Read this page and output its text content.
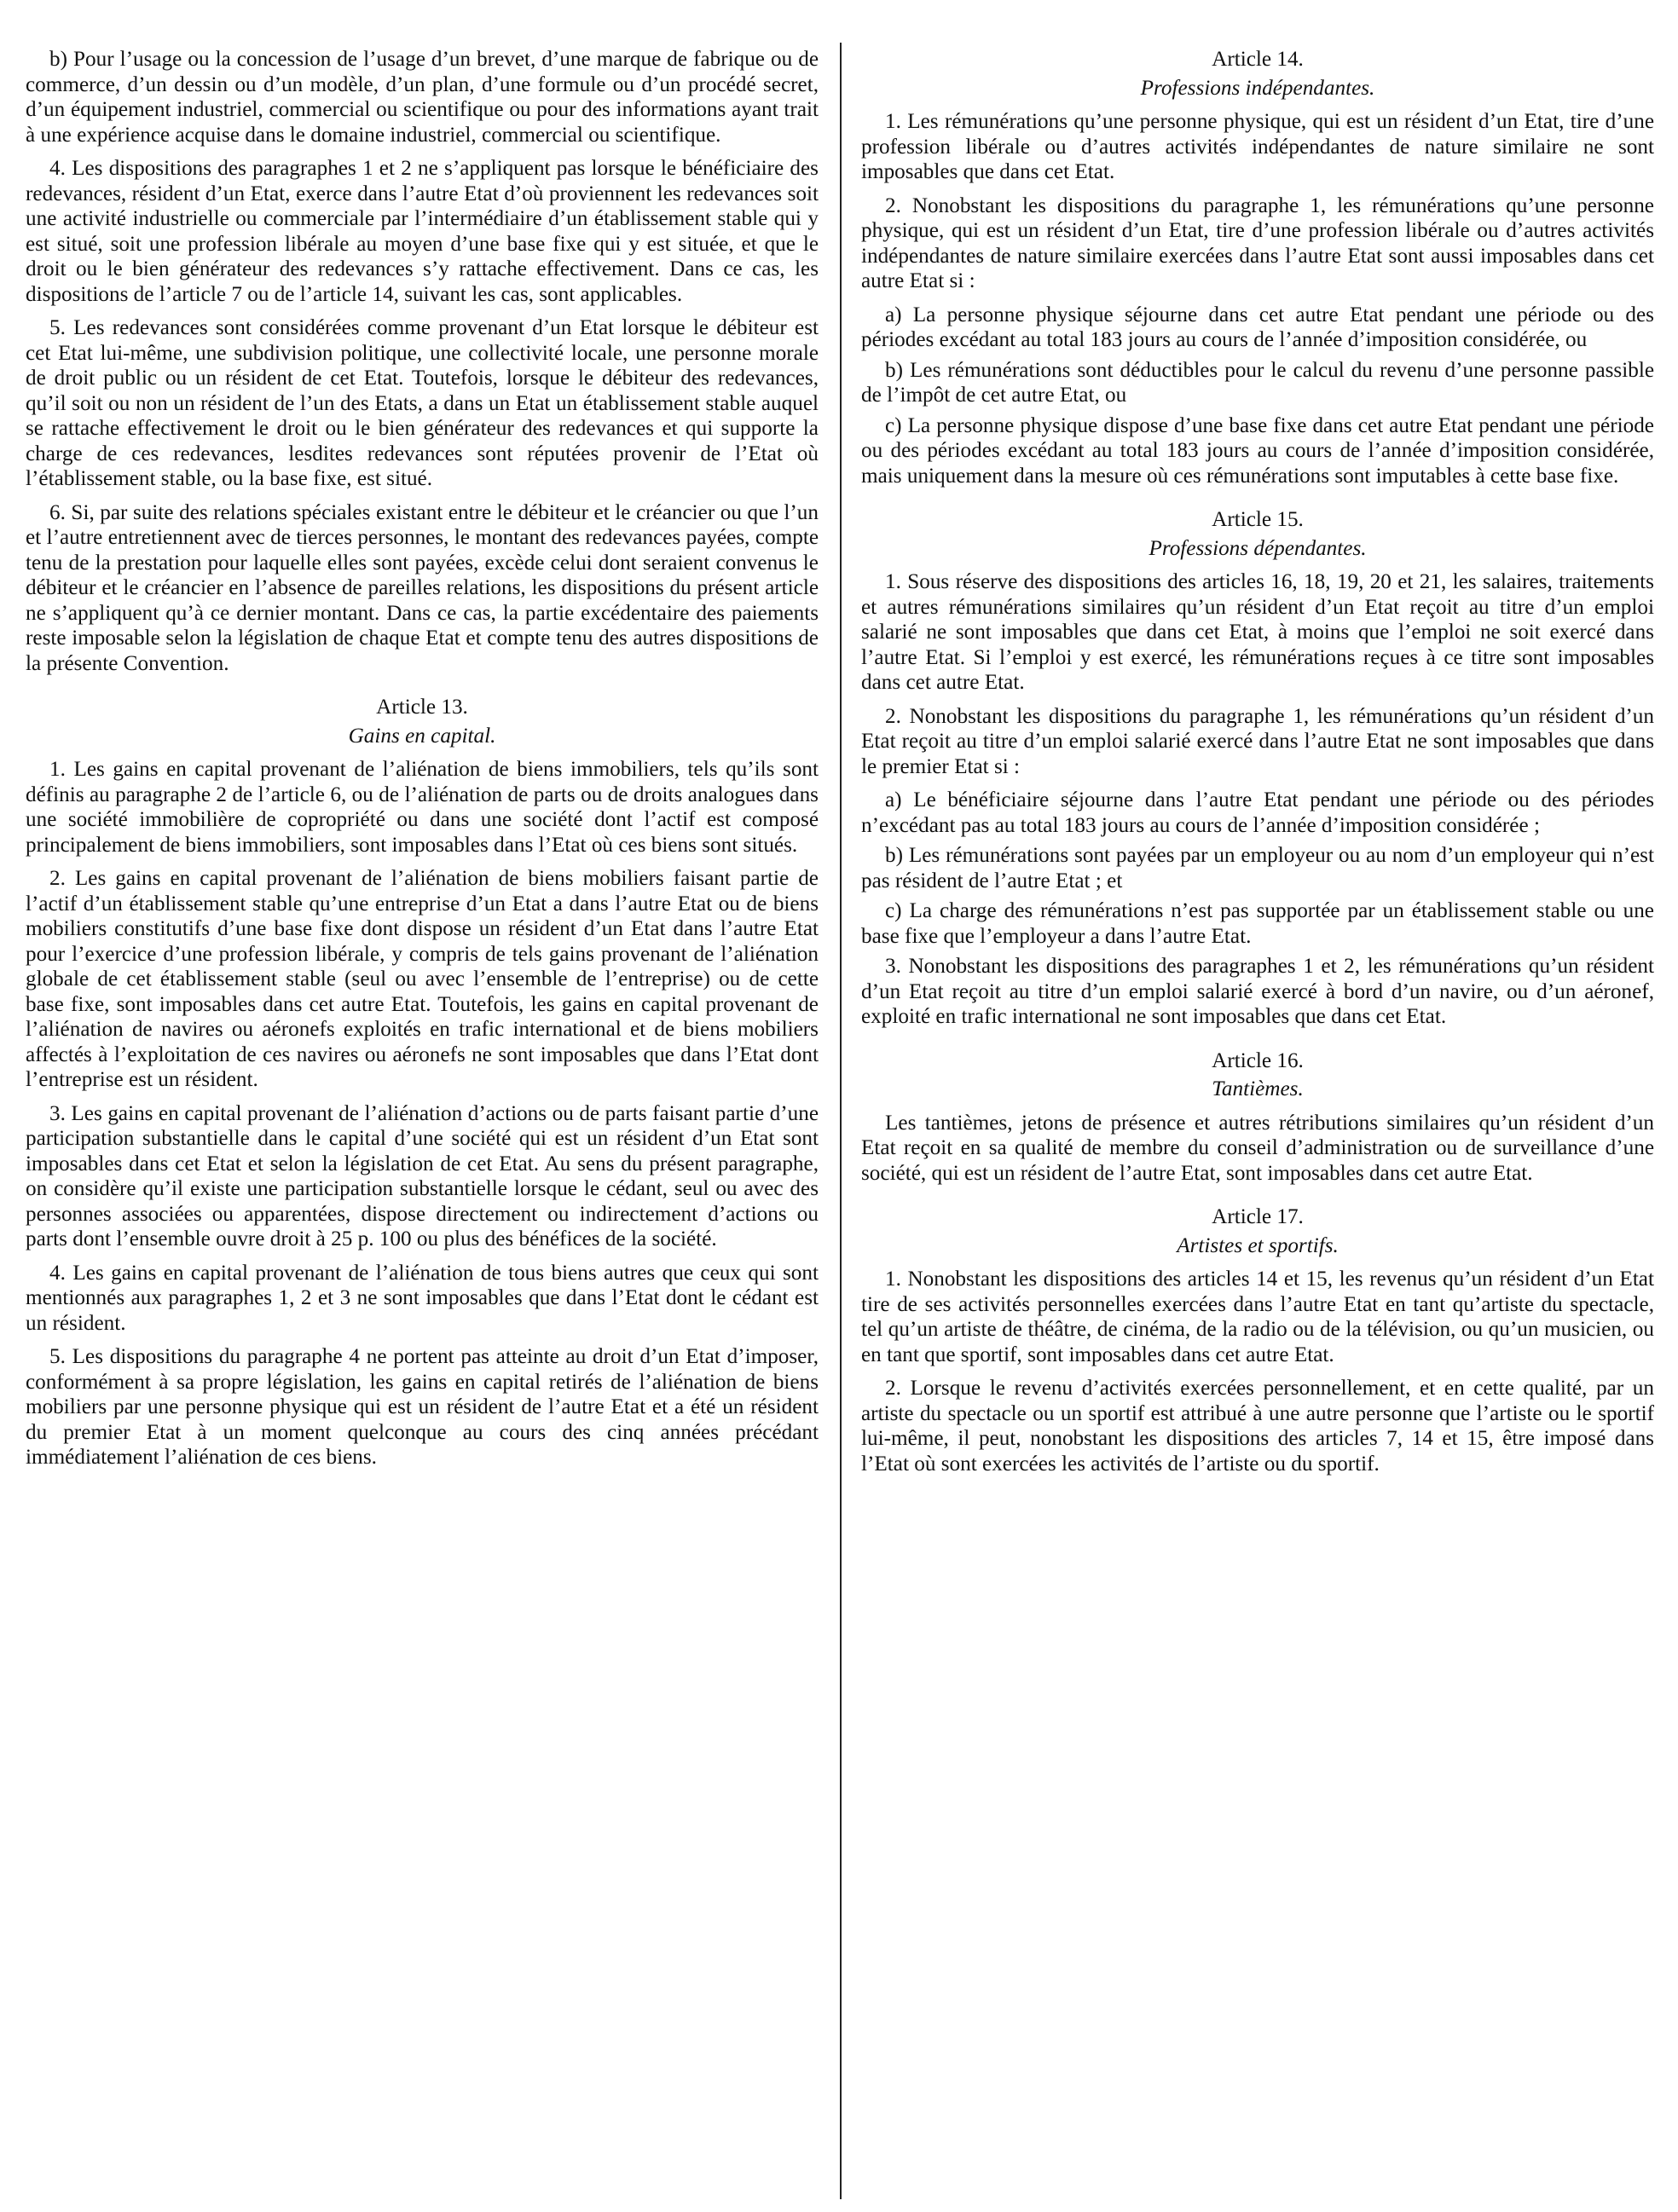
b) Pour l’usage ou la concession de l’usage d’un brevet, d’une marque de fabrique ou de commerce, d’un dessin ou d’un modèle, d’un plan, d’une formule ou d’un procédé secret, d’un équipement industriel, commercial ou scientifique ou pour des informations ayant trait à une expérience acquise dans le domaine industriel, commercial ou scientifique.

4. Les dispositions des paragraphes 1 et 2 ne s’appliquent pas lorsque le bénéficiaire des redevances, résident d’un Etat, exerce dans l’autre Etat d’où proviennent les redevances soit une activité industrielle ou commerciale par l’intermédiaire d’un établissement stable qui y est situé, soit une profession libérale au moyen d’une base fixe qui y est située, et que le droit ou le bien générateur des redevances s’y rattache effectivement. Dans ce cas, les dispositions de l’article 7 ou de l’article 14, suivant les cas, sont applicables.

5. Les redevances sont considérées comme provenant d’un Etat lorsque le débiteur est cet Etat lui-même, une subdivision politique, une collectivité locale, une personne morale de droit public ou un résident de cet Etat. Toutefois, lorsque le débiteur des redevances, qu’il soit ou non un résident de l’un des Etats, a dans un Etat un établissement stable auquel se rattache effectivement le droit ou le bien générateur des redevances et qui supporte la charge de ces redevances, lesdites redevances sont réputées provenir de l’Etat où l’établissement stable, ou la base fixe, est situé.

6. Si, par suite des relations spéciales existant entre le débiteur et le créancier ou que l’un et l’autre entretiennent avec de tierces personnes, le montant des redevances payées, compte tenu de la prestation pour laquelle elles sont payées, excède celui dont seraient convenus le débiteur et le créancier en l’absence de pareilles relations, les dispositions du présent article ne s’appliquent qu’à ce dernier montant. Dans ce cas, la partie excédentaire des paiements reste imposable selon la législation de chaque Etat et compte tenu des autres dispositions de la présente Convention.

Article 13.

Gains en capital.

1. Les gains en capital provenant de l’aliénation de biens immobiliers, tels qu’ils sont définis au paragraphe 2 de l’article 6, ou de l’aliénation de parts ou de droits analogues dans une société immobilière de copropriété ou dans une société dont l’actif est composé principalement de biens immobiliers, sont imposables dans l’Etat où ces biens sont situés.

2. Les gains en capital provenant de l’aliénation de biens mobiliers faisant partie de l’actif d’un établissement stable qu’une entreprise d’un Etat a dans l’autre Etat ou de biens mobiliers constitutifs d’une base fixe dont dispose un résident d’un Etat dans l’autre Etat pour l’exercice d’une profession libérale, y compris de tels gains provenant de l’aliénation globale de cet établissement stable (seul ou avec l’ensemble de l’entreprise) ou de cette base fixe, sont imposables dans cet autre Etat. Toutefois, les gains en capital provenant de l’aliénation de navires ou aéronefs exploités en trafic international et de biens mobiliers affectés à l’exploitation de ces navires ou aéronefs ne sont imposables que dans l’Etat dont l’entreprise est un résident.

3. Les gains en capital provenant de l’aliénation d’actions ou de parts faisant partie d’une participation substantielle dans le capital d’une société qui est un résident d’un Etat sont imposables dans cet Etat et selon la législation de cet Etat. Au sens du présent paragraphe, on considère qu’il existe une participation substantielle lorsque le cédant, seul ou avec des personnes associées ou apparentées, dispose directement ou indirectement d’actions ou parts dont l’ensemble ouvre droit à 25 p. 100 ou plus des bénéfices de la société.

4. Les gains en capital provenant de l’aliénation de tous biens autres que ceux qui sont mentionnés aux paragraphes 1, 2 et 3 ne sont imposables que dans l’Etat dont le cédant est un résident.

5. Les dispositions du paragraphe 4 ne portent pas atteinte au droit d’un Etat d’imposer, conformément à sa propre législation, les gains en capital retirés de l’aliénation de biens mobiliers par une personne physique qui est un résident de l’autre Etat et a été un résident du premier Etat à un moment quelconque au cours des cinq années précédant immédiatement l’aliénation de ces biens.

Article 14.

Professions indépendantes.

1. Les rémunérations qu’une personne physique, qui est un résident d’un Etat, tire d’une profession libérale ou d’autres activités indépendantes de nature similaire ne sont imposables que dans cet Etat.

2. Nonobstant les dispositions du paragraphe 1, les rémunérations qu’une personne physique, qui est un résident d’un Etat, tire d’une profession libérale ou d’autres activités indépendantes de nature similaire exercées dans l’autre Etat sont aussi imposables dans cet autre Etat si :

a) La personne physique séjourne dans cet autre Etat pendant une période ou des périodes excédant au total 183 jours au cours de l’année d’imposition considérée, ou

b) Les rémunérations sont déductibles pour le calcul du revenu d’une personne passible de l’impôt de cet autre Etat, ou

c) La personne physique dispose d’une base fixe dans cet autre Etat pendant une période ou des périodes excédant au total 183 jours au cours de l’année d’imposition considérée, mais uniquement dans la mesure où ces rémunérations sont imputables à cette base fixe.

Article 15.

Professions dépendantes.

1. Sous réserve des dispositions des articles 16, 18, 19, 20 et 21, les salaires, traitements et autres rémunérations similaires qu’un résident d’un Etat reçoit au titre d’un emploi salarié ne sont imposables que dans cet Etat, à moins que l’emploi ne soit exercé dans l’autre Etat. Si l’emploi y est exercé, les rémunérations reçues à ce titre sont imposables dans cet autre Etat.

2. Nonobstant les dispositions du paragraphe 1, les rémunérations qu’un résident d’un Etat reçoit au titre d’un emploi salarié exercé dans l’autre Etat ne sont imposables que dans le premier Etat si :

a) Le bénéficiaire séjourne dans l’autre Etat pendant une période ou des périodes n’excédant pas au total 183 jours au cours de l’année d’imposition considérée ;

b) Les rémunérations sont payées par un employeur ou au nom d’un employeur qui n’est pas résident de l’autre Etat ; et

c) La charge des rémunérations n’est pas supportée par un établissement stable ou une base fixe que l’employeur a dans l’autre Etat.

3. Nonobstant les dispositions des paragraphes 1 et 2, les rémunérations qu’un résident d’un Etat reçoit au titre d’un emploi salarié exercé à bord d’un navire, ou d’un aéronef, exploité en trafic international ne sont imposables que dans cet Etat.

Article 16.

Tantièmes.

Les tantièmes, jetons de présence et autres rétributions similaires qu’un résident d’un Etat reçoit en sa qualité de membre du conseil d’administration ou de surveillance d’une société, qui est un résident de l’autre Etat, sont imposables dans cet autre Etat.

Article 17.

Artistes et sportifs.

1. Nonobstant les dispositions des articles 14 et 15, les revenus qu’un résident d’un Etat tire de ses activités personnelles exercées dans l’autre Etat en tant qu’artiste du spectacle, tel qu’un artiste de théâtre, de cinéma, de la radio ou de la télévision, ou qu’un musicien, ou en tant que sportif, sont imposables dans cet autre Etat.

2. Lorsque le revenu d’activités exercées personnellement, et en cette qualité, par un artiste du spectacle ou un sportif est attribué à une autre personne que l’artiste ou le sportif lui-même, il peut, nonobstant les dispositions des articles 7, 14 et 15, être imposé dans l’Etat où sont exercées les activités de l’artiste ou du sportif.
